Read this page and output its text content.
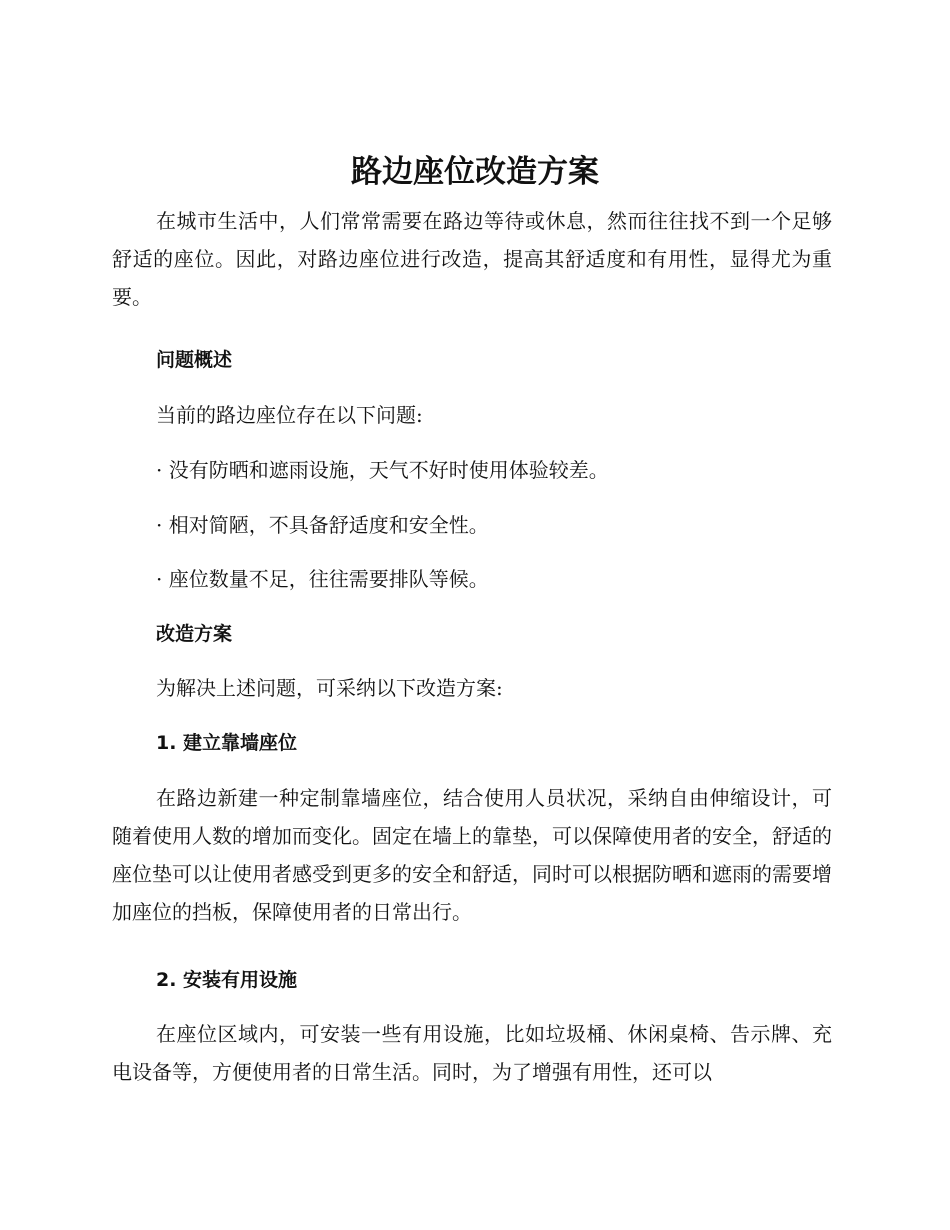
路边座位改造方案

在城市生活中，人们常常需要在路边等待或休息，然而往往找不到一个足够舒适的座位。因此，对路边座位进行改造，提高其舒适度和有用性，显得尤为重要。

问题概述

当前的路边座位存在以下问题:

· 没有防晒和遮雨设施，天气不好时使用体验较差。

· 相对简陋，不具备舒适度和安全性。

· 座位数量不足，往往需要排队等候。

改造方案

为解决上述问题，可采纳以下改造方案:

1. 建立靠墙座位

在路边新建一种定制靠墙座位，结合使用人员状况，采纳自由伸缩设计，可随着使用人数的增加而变化。固定在墙上的靠垫，可以保障使用者的安全，舒适的座位垫可以让使用者感受到更多的安全和舒适，同时可以根据防晒和遮雨的需要增加座位的挡板，保障使用者的日常出行。

2. 安装有用设施

在座位区域内，可安装一些有用设施，比如垃圾桶、休闲桌椅、告示牌、充电设备等，方便使用者的日常生活。同时，为了增强有用性，还可以
